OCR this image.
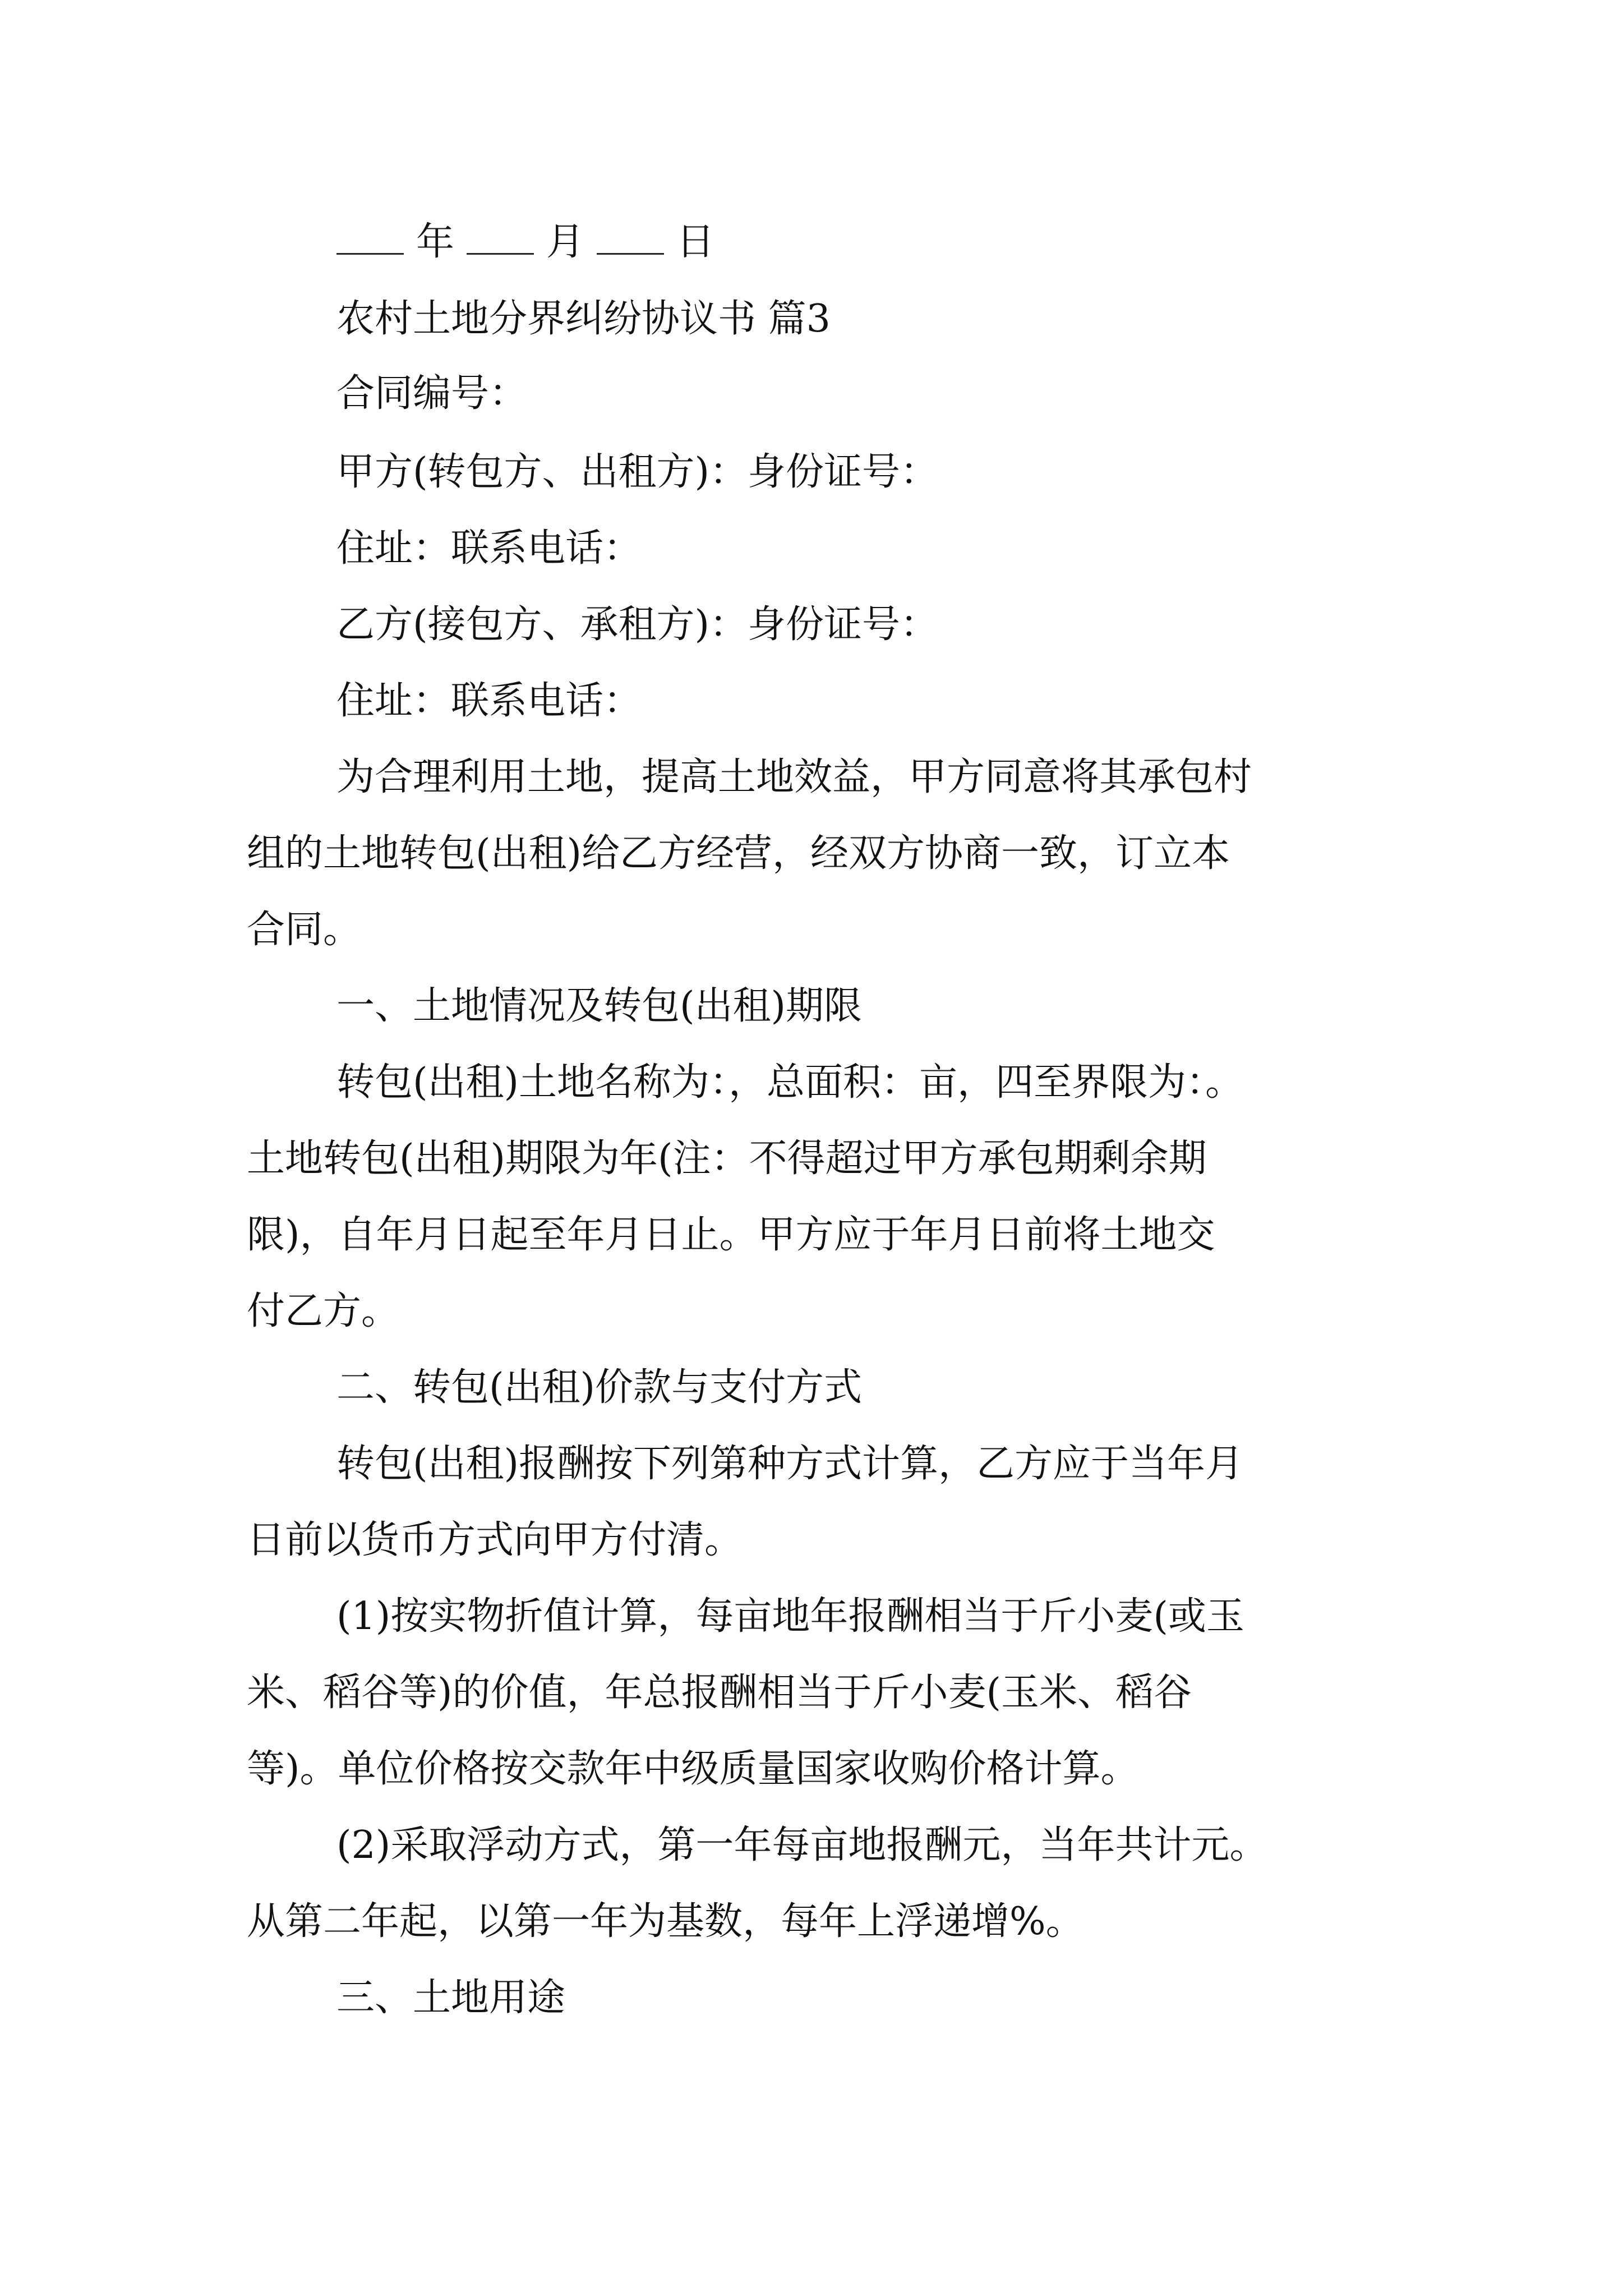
年 月 日
农村土地分界纠纷协议书 篇3
合同编号：
甲方(转包方、出租方)：身份证号：
住址：联系电话：
乙方(接包方、承租方)：身份证号：
住址：联系电话：
为合理利用土地，提高土地效益，甲方同意将其承包村
组的土地转包(出租)给乙方经营，经双方协商一致，订立本
合同。
一、土地情况及转包(出租)期限
转包(出租)土地名称为：，总面积：亩，四至界限为：。
土地转包(出租)期限为年(注：不得超过甲方承包期剩余期
限)，自年月日起至年月日止。甲方应于年月日前将土地交
付乙方。
二、转包(出租)价款与支付方式
转包(出租)报酬按下列第种方式计算，乙方应于当年月
日前以货币方式向甲方付清。
(1)按实物折值计算，每亩地年报酬相当于斤小麦(或玉
米、稻谷等)的价值，年总报酬相当于斤小麦(玉米、稻谷
等)。单位价格按交款年中级质量国家收购价格计算。
(2)采取浮动方式，第一年每亩地报酬元，当年共计元。
从第二年起，以第一年为基数，每年上浮递增%。
三、土地用途
